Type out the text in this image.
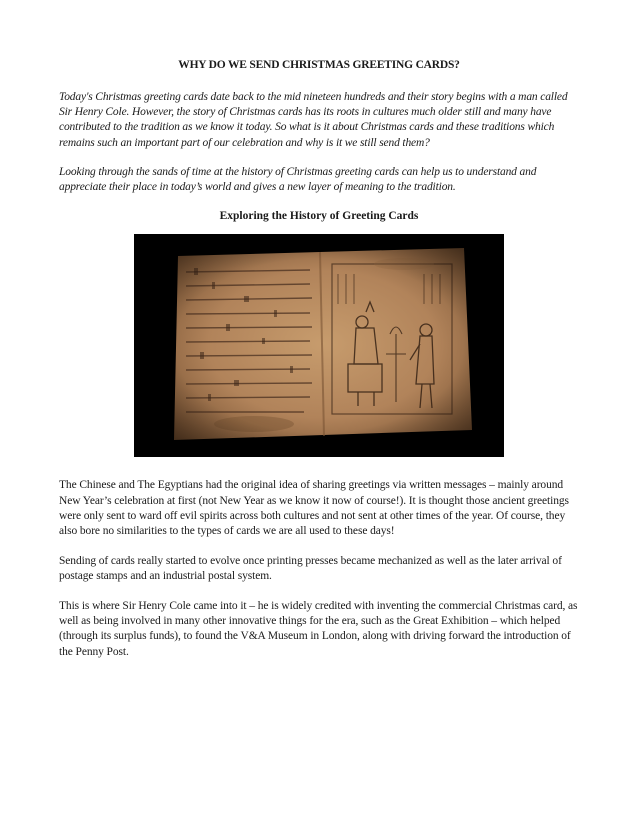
WHY DO WE SEND CHRISTMAS GREETING CARDS?

Today's Christmas greeting cards date back to the mid nineteen hundreds and their story begins with a man called Sir Henry Cole. However, the story of Christmas cards has its roots in cultures much older still and many have contributed to the tradition as we know it today. So what is it about Christmas cards and these traditions which remains such an important part of our celebration and why is it we still send them?

Looking through the sands of time at the history of Christmas greeting cards can help us to understand and appreciate their place in today’s world and gives a new layer of meaning to the tradition.

Exploring the History of Greeting Cards

The Chinese and The Egyptians had the original idea of sharing greetings via written messages – mainly around New Year’s celebration at first (not New Year as we know it now of course!). It is thought those ancient greetings were only sent to ward off evil spirits across both cultures and not sent at other times of the year. Of course, they also bore no similarities to the types of cards we are all used to these days!

Sending of cards really started to evolve once printing presses became mechanized as well as the later arrival of postage stamps and an industrial postal system.

This is where Sir Henry Cole came into it – he is widely credited with inventing the commercial Christmas card, as well as being involved in many other innovative things for the era, such as the Great Exhibition – which helped (through its surplus funds), to found the V&A Museum in London, along with driving forward the introduction of the Penny Post.
